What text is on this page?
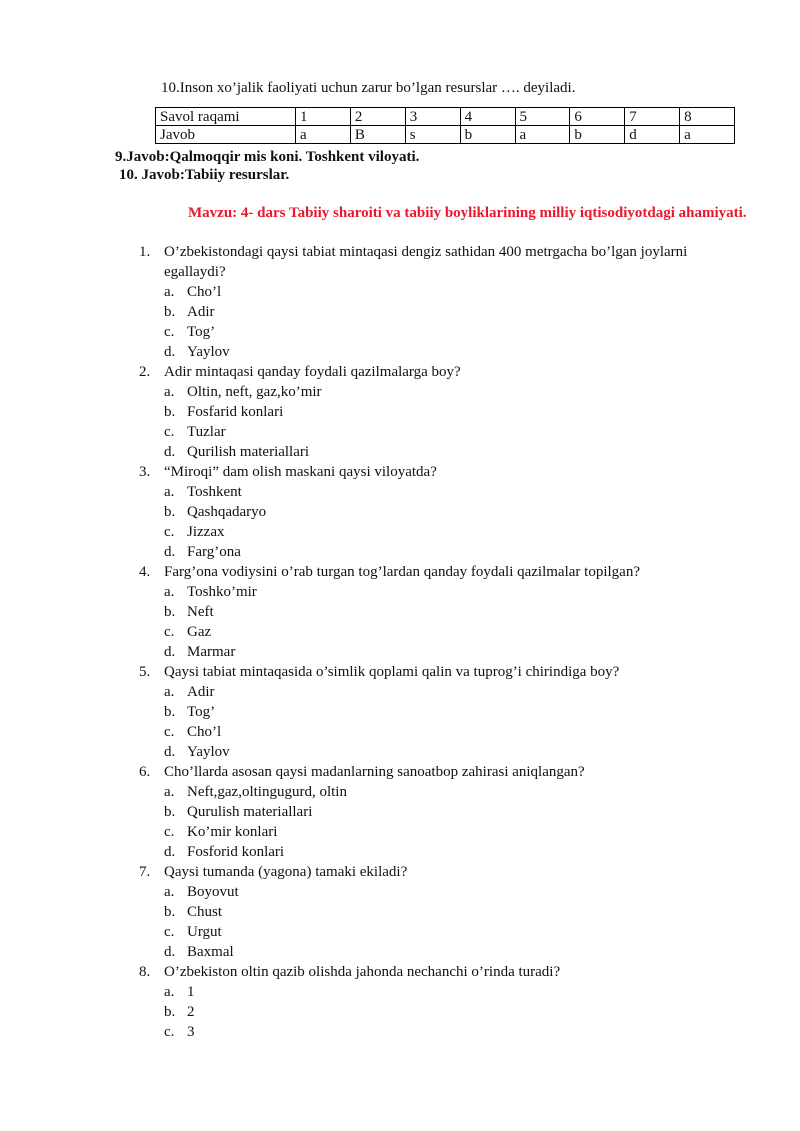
10.Inson xo’jalik faoliyati uchun zarur bo’lgan resurslar …. deyiladi.
Savol raqami	1	2	3	4	5	6	7	8
Javob	a	B	s	b	a	b	d	a
9.Javob:Qalmoqqir mis koni. Toshkent viloyati.
10. Javob:Tabiiy resurslar.
Mavzu: 4- dars Tabiiy sharoiti va tabiiy boyliklarining milliy iqtisodiyotdagi ahamiyati.
1. O’zbekistondagi qaysi tabiat mintaqasi dengiz sathidan 400 metrgacha bo’lgan joylarni egallaydi?
a. Cho’l
b. Adir
c. Tog’
d. Yaylov
2. Adir mintaqasi qanday foydali qazilmalarga boy?
a. Oltin, neft, gaz,ko’mir
b. Fosfarid konlari
c. Tuzlar
d. Qurilish materiallari
3. “Miroqi” dam olish maskani qaysi viloyatda?
a. Toshkent
b. Qashqadaryo
c. Jizzax
d. Farg’ona
4. Farg’ona vodiysini o’rab turgan tog’lardan qanday foydali qazilmalar topilgan?
a. Toshko’mir
b. Neft
c. Gaz
d. Marmar
5. Qaysi tabiat mintaqasida o’simlik qoplami qalin va tuprog’i chirindiga boy?
a. Adir
b. Tog’
c. Cho’l
d. Yaylov
6. Cho’llarda asosan qaysi madanlarning sanoatbop zahirasi aniqlangan?
a. Neft,gaz,oltingugurd, oltin
b. Qurulish materiallari
c. Ko’mir konlari
d. Fosforid konlari
7. Qaysi tumanda (yagona) tamaki ekiladi?
a. Boyovut
b. Chust
c. Urgut
d. Baxmal
8. O’zbekiston oltin qazib olishda jahonda nechanchi o’rinda turadi?
a. 1
b. 2
c. 3
